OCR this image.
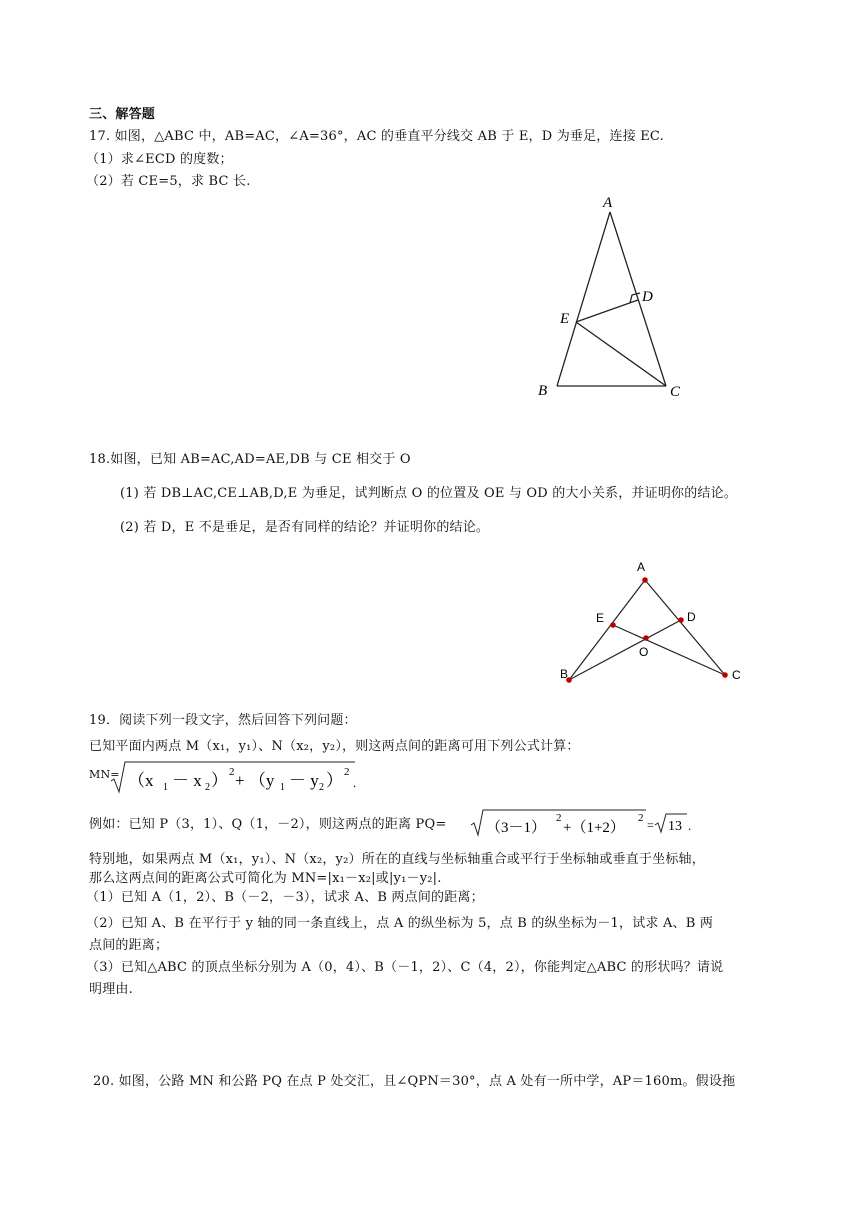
三、解答题
17. 如图，△ABC 中，AB=AC，∠A=36°，AC 的垂直平分线交 AB 于 E，D 为垂足，连接 EC.
（1）求∠ECD 的度数；
（2）若 CE=5，求 BC 长.
A
D
E
B	C
18.如图，已知 AB=AC,AD=AE,DB 与 CE 相交于 O
(1) 若 DB⊥AC,CE⊥AB,D,E 为垂足，试判断点 O 的位置及 OE 与 OD 的大小关系，并证明你的结论。
(2) 若 D，E 不是垂足，是否有同样的结论？并证明你的结论。
A
E	D
O
B	C
19．阅读下列一段文字，然后回答下列问题：
已知平面内两点 M（x₁，y₁）、N（x₂，y₂），则这两点间的距离可用下列公式计算：
MN= （x 1 － x 2 ） 2 + （y 1 － y 2 ） 2
.
例如：已知 P（3，1）、Q（1，－2），则这两点的距离 PQ=	（3－1）
2
+（1+2）
2 = 13 .
特别地，如果两点 M（x₁，y₁）、N（x₂，y₂）所在的直线与坐标轴重合或平行于坐标轴或垂直于坐标轴，
那么这两点间的距离公式可简化为 MN=|x₁－x₂|或|y₁－y₂|.
（1）已知 A（1，2）、B（－2，－3），试求 A、B 两点间的距离；
（2）已知 A、B 在平行于 y 轴的同一条直线上，点 A 的纵坐标为 5，点 B 的纵坐标为－1，试求 A、B 两
点间的距离；
（3）已知△ABC 的顶点坐标分别为 A（0，4）、B（－1，2）、C（4，2），你能判定△ABC 的形状吗？请说
明理由.
20. 如图，公路 MN 和公路 PQ 在点 P 处交汇，且∠QPN＝30°，点 A 处有一所中学，AP＝160m。假设拖
